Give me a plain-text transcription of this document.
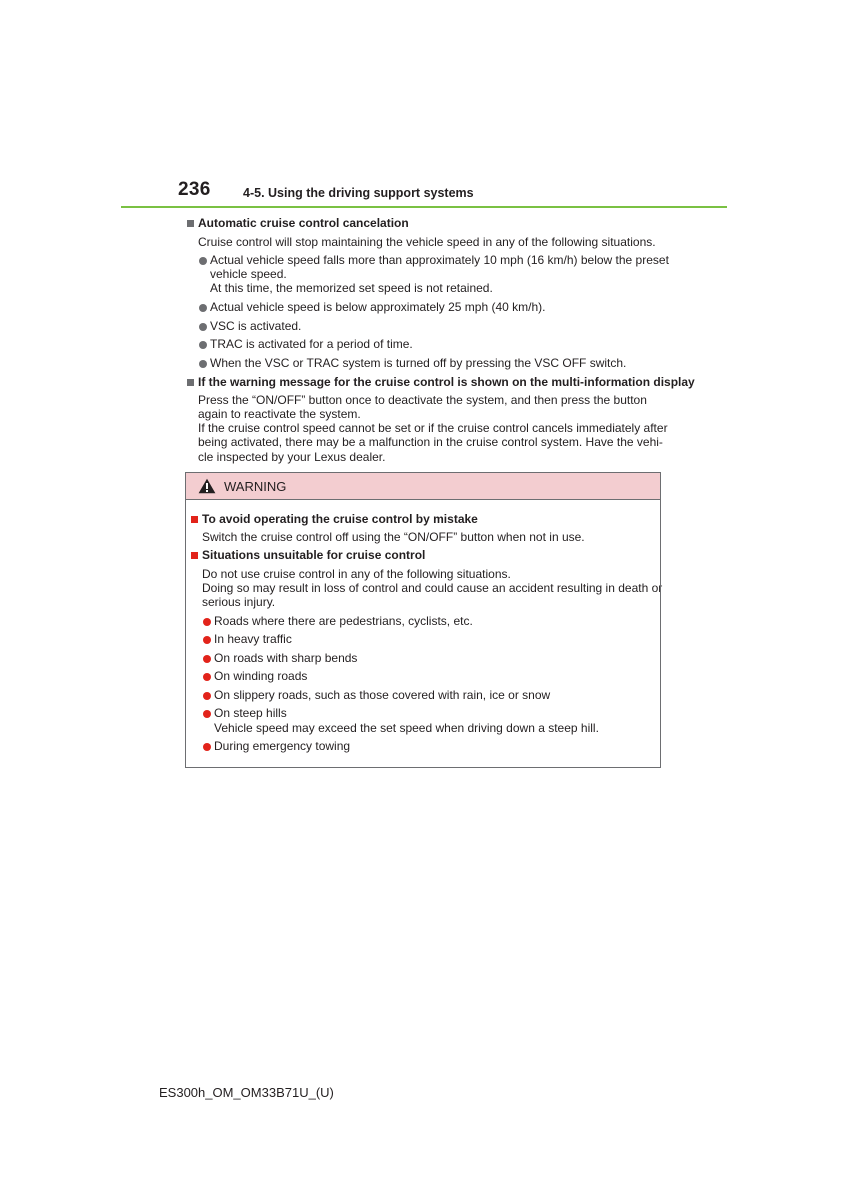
236	4-5. Using the driving support systems
Automatic cruise control cancelation
Cruise control will stop maintaining the vehicle speed in any of the following situations.
Actual vehicle speed falls more than approximately 10 mph (16 km/h) below the preset
vehicle speed.
At this time, the memorized set speed is not retained.
Actual vehicle speed is below approximately 25 mph (40 km/h).
VSC is activated.
TRAC is activated for a period of time.
When the VSC or TRAC system is turned off by pressing the VSC OFF switch.
If the warning message for the cruise control is shown on the multi-information display
Press the “ON/OFF” button once to deactivate the system, and then press the button
again to reactivate the system.
If the cruise control speed cannot be set or if the cruise control cancels immediately after
being activated, there may be a malfunction in the cruise control system. Have the vehi-
cle inspected by your Lexus dealer.
To avoid operating the cruise control by mistake
Switch the cruise control off using the “ON/OFF” button when not in use.
Situations unsuitable for cruise control
Do not use cruise control in any of the following situations.
Doing so may result in loss of control and could cause an accident resulting in death or
serious injury.
Roads where there are pedestrians, cyclists, etc.
In heavy traffic
On roads with sharp bends
On winding roads
On slippery roads, such as those covered with rain, ice or snow
On steep hills
Vehicle speed may exceed the set speed when driving down a steep hill.
During emergency towing
WARNING
ES300h_OM_OM33B71U_(U)
